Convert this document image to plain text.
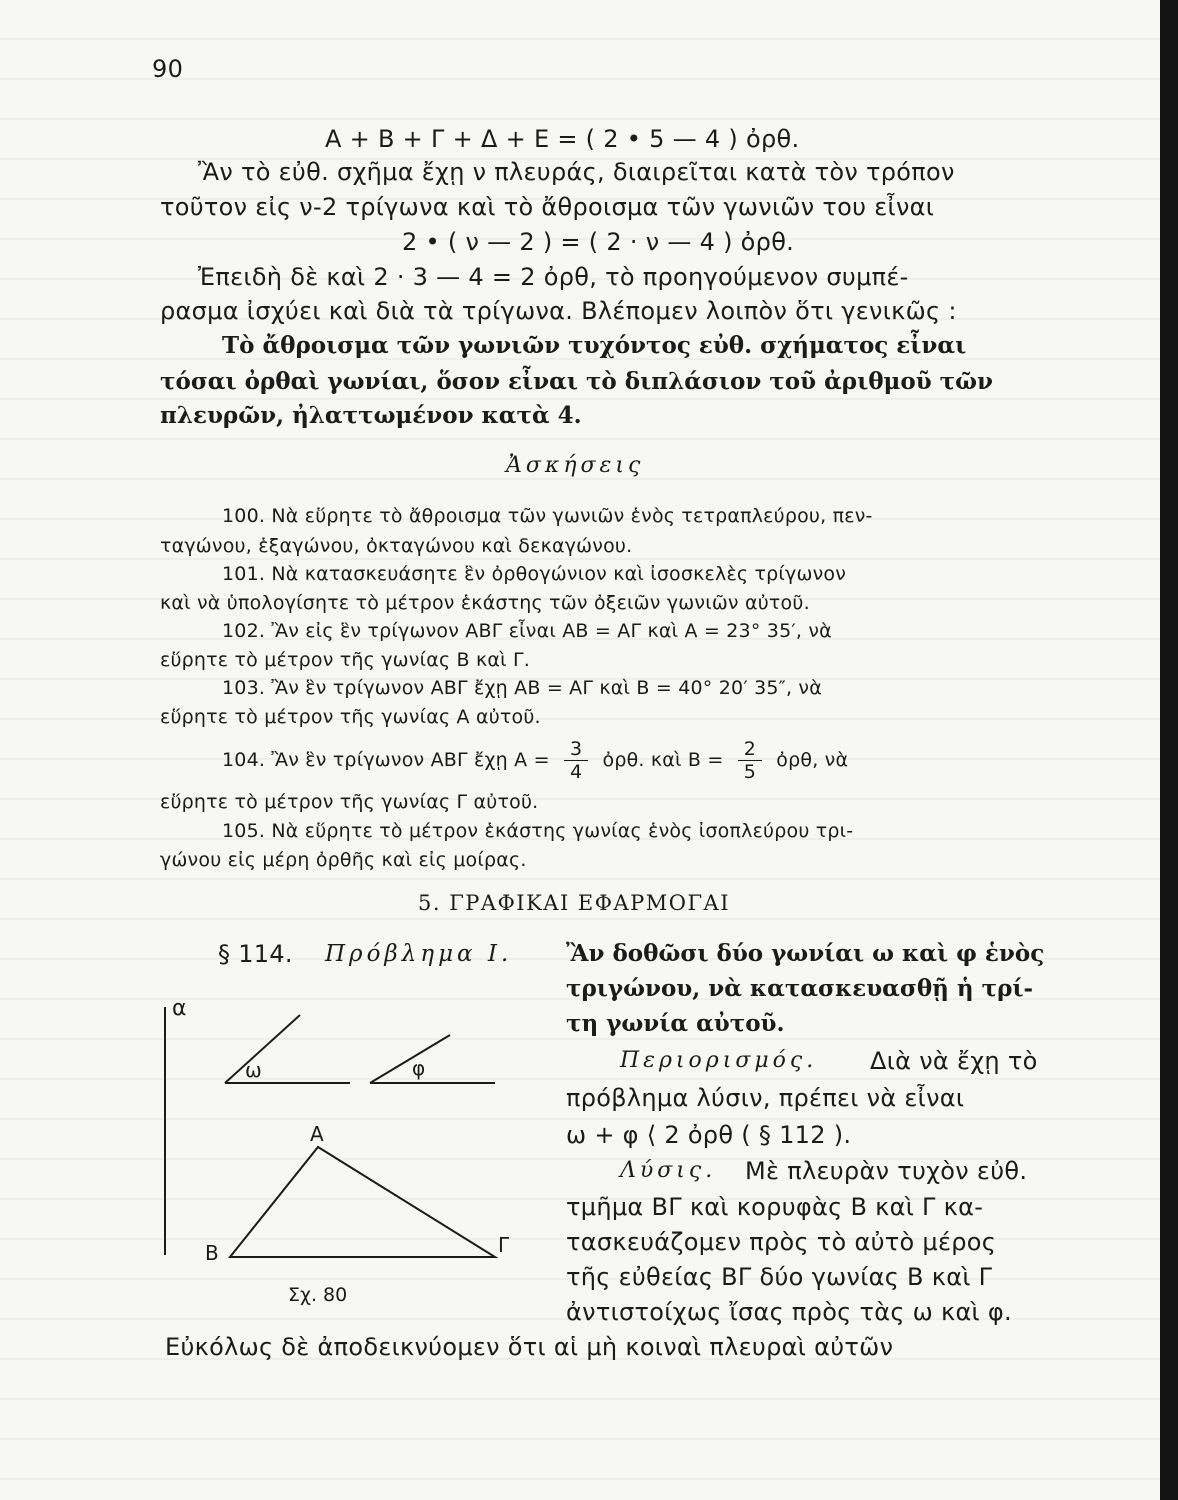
90
Α + Β + Γ + Δ + Ε = ( 2 • 5 — 4 ) ὀρθ.
Ἂν τὸ εὐθ. σχῆμα ἔχῃ ν πλευράς, διαιρεῖται κατὰ τὸν τρόπον
τοῦτον εἰς ν-2 τρίγωνα καὶ τὸ ἄθροισμα τῶν γωνιῶν του εἶναι
2 • ( ν — 2 ) = ( 2 · ν — 4 ) ὀρθ.
Ἐπειδὴ δὲ καὶ 2 · 3 — 4 = 2 ὀρθ, τὸ προηγούμενον συμπέ-
ρασμα ἰσχύει καὶ διὰ τὰ τρίγωνα. Βλέπομεν λοιπὸν ὅτι γενικῶς :
Τὸ ἄθροισμα τῶν γωνιῶν τυχόντος εὐθ. σχήματος εἶναι
τόσαι ὀρθαὶ γωνίαι, ὅσον εἶναι τὸ διπλάσιον τοῦ ἀριθμοῦ τῶν
πλευρῶν, ἠλαττωμένον κατὰ 4.
Ἀσκήσεις
100. Νὰ εὕρητε τὸ ἄθροισμα τῶν γωνιῶν ἑνὸς τετραπλεύρου, πεν-
ταγώνου, ἑξαγώνου, ὀκταγώνου καὶ δεκαγώνου.
101. Νὰ κατασκευάσητε ἓν ὀρθογώνιον καὶ ἰσοσκελὲς τρίγωνον
καὶ νὰ ὑπολογίσητε τὸ μέτρον ἑκάστης τῶν ὀξειῶν γωνιῶν αὐτοῦ.
102. Ἂν εἰς ἓν τρίγωνον ΑΒΓ εἶναι ΑΒ = ΑΓ καὶ Α = 23° 35′, νὰ
εὕρητε τὸ μέτρον τῆς γωνίας Β καὶ Γ.
103. Ἂν ἓν τρίγωνον ΑΒΓ ἔχῃ ΑΒ = ΑΓ καὶ Β = 40° 20′ 35″, νὰ
εὕρητε τὸ μέτρον τῆς γωνίας Α αὐτοῦ.
104. Ἂν ἓν τρίγωνον ΑΒΓ ἔχῃ $A = \frac{3}{4}$ ὀρθ. καὶ $B = \frac{2}{5}$ ὀρθ, νὰ
εὕρητε τὸ μέτρον τῆς γωνίας Γ αὐτοῦ.
105. Νὰ εὕρητε τὸ μέτρον ἑκάστης γωνίας ἑνὸς ἰσοπλεύρου τρι-
γώνου εἰς μέρη ὀρθῆς καὶ εἰς μοίρας.
5. ΓΡΑΦΙΚΑΙ ΕΦΑΡΜΟΓΑΙ
§ 114. Πρόβλημα Ι. Ἂν δοθῶσι δύο γωνίαι ω καὶ φ ἑνὸς
τριγώνου, νὰ κατασκευασθῇ ἡ τρί-
τη γωνία αὐτοῦ.
Περιορισμός. Διὰ νὰ ἔχῃ τὸ
πρόβλημα λύσιν, πρέπει νὰ εἶναι
ω + φ ⟨ 2 ὀρθ ( § 112 ).
Λύσις. Μὲ πλευρὰν τυχὸν εὐθ.
τμῆμα ΒΓ καὶ κορυφὰς Β καὶ Γ κα-
τασκευάζομεν πρὸς τὸ αὐτὸ μέρος
τῆς εὐθείας ΒΓ δύο γωνίας Β καὶ Γ
ἀντιστοίχως ἴσας πρὸς τὰς ω καὶ φ.
Εὐκόλως δὲ ἀποδεικνύομεν ὅτι αἱ μὴ κοιναὶ πλευραὶ αὐτῶν
α
ω	φ
Α
Β	Γ
Σχ. 80
